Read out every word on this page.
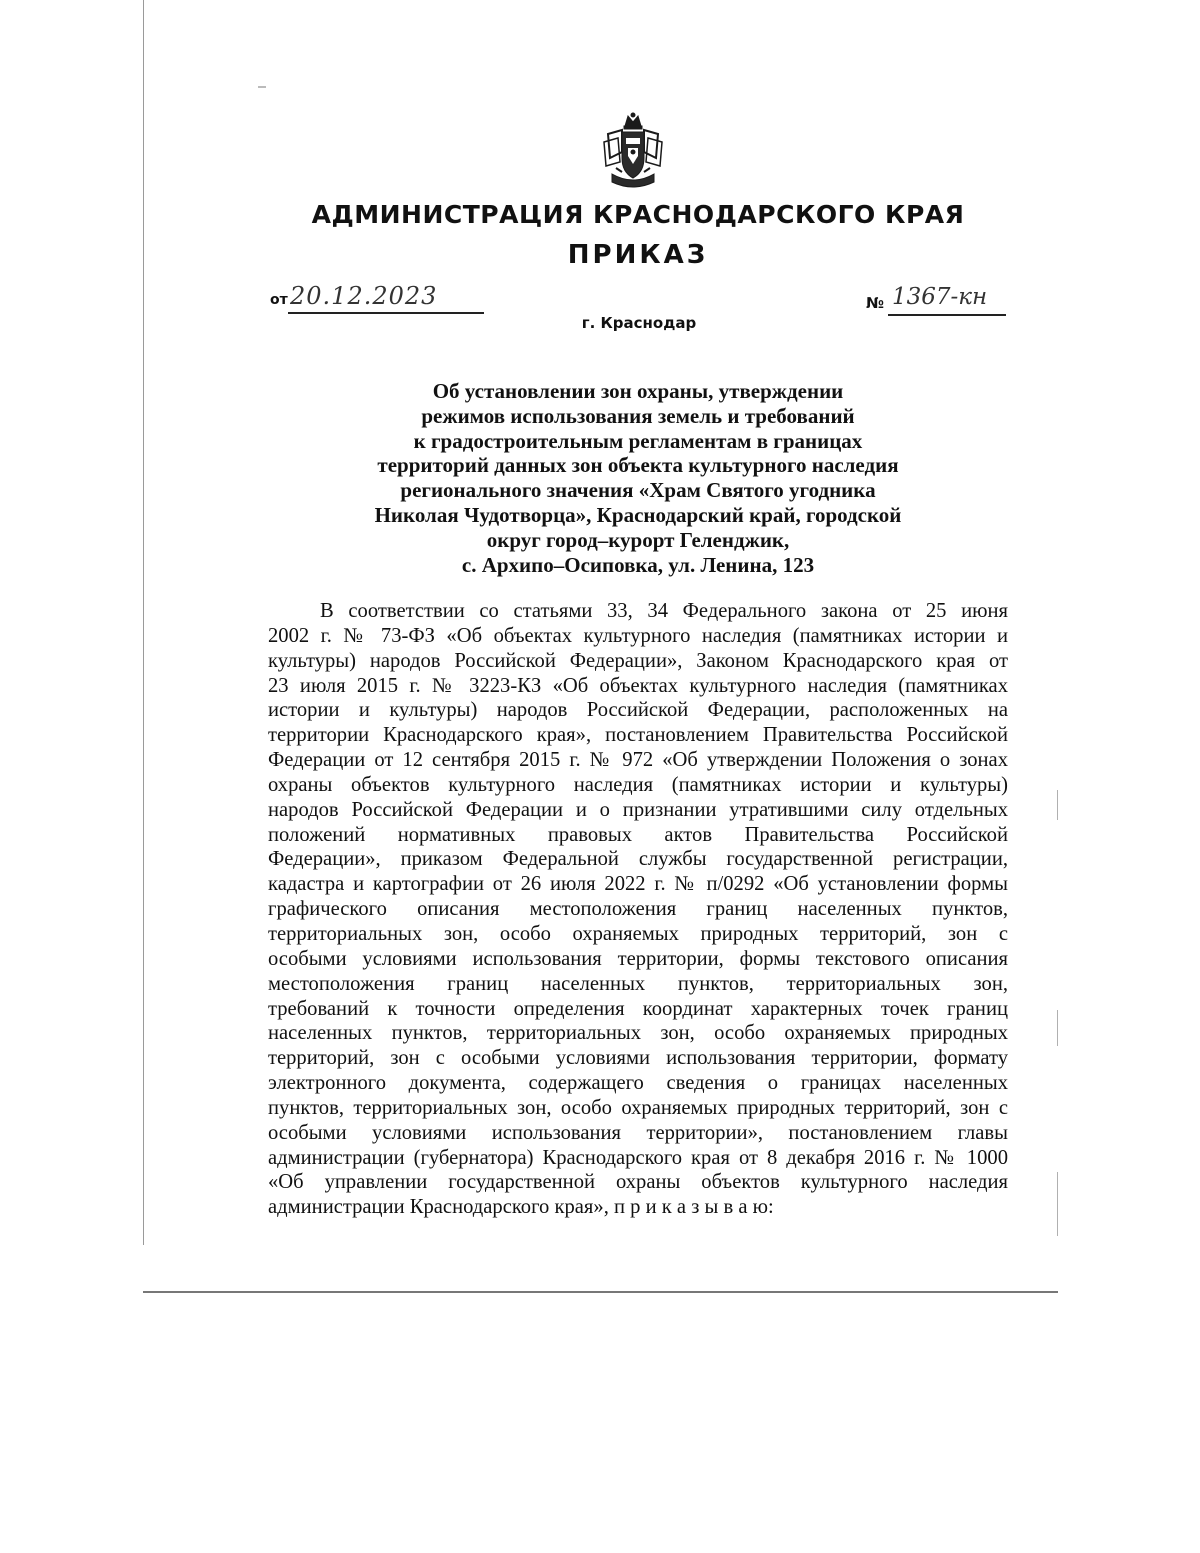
АДМИНИСТРАЦИЯ КРАСНОДАРСКОГО КРАЯ
ПРИКАЗ
от 20.12.2023	№ 1367-кн
г. Краснодар
Об установлении зон охраны, утверждении
режимов использования земель и требований
к градостроительным регламентам в границах
территорий данных зон объекта культурного наследия
регионального значения «Храм Святого угодника
Николая Чудотворца», Краснодарский край, городской
округ город–курорт Геленджик,
с. Архипо–Осиповка, ул. Ленина, 123
В соответствии со статьями 33, 34 Федерального закона от 25 июня
2002 г. № 73-ФЗ «Об объектах культурного наследия (памятниках истории и
культуры) народов Российской Федерации», Законом Краснодарского края от
23 июля 2015 г. № 3223-КЗ «Об объектах культурного наследия (памятниках
истории и культуры) народов Российской Федерации, расположенных на
территории Краснодарского края», постановлением Правительства Российской
Федерации от 12 сентября 2015 г. № 972 «Об утверждении Положения о зонах
охраны объектов культурного наследия (памятниках истории и культуры)
народов Российской Федерации и о признании утратившими силу отдельных
положений нормативных правовых актов Правительства Российской
Федерации», приказом Федеральной службы государственной регистрации,
кадастра и картографии от 26 июля 2022 г. № п/0292 «Об установлении формы
графического описания местоположения границ населенных пунктов,
территориальных зон, особо охраняемых природных территорий, зон с
особыми условиями использования территории, формы текстового описания
местоположения границ населенных пунктов, территориальных зон,
требований к точности определения координат характерных точек границ
населенных пунктов, территориальных зон, особо охраняемых природных
территорий, зон с особыми условиями использования территории, формату
электронного документа, содержащего сведения о границах населенных
пунктов, территориальных зон, особо охраняемых природных территорий, зон с
особыми условиями использования территории», постановлением главы
администрации (губернатора) Краснодарского края от 8 декабря 2016 г. № 1000
«Об управлении государственной охраны объектов культурного наследия
администрации Краснодарского края», п р и к а з ы в а ю:
